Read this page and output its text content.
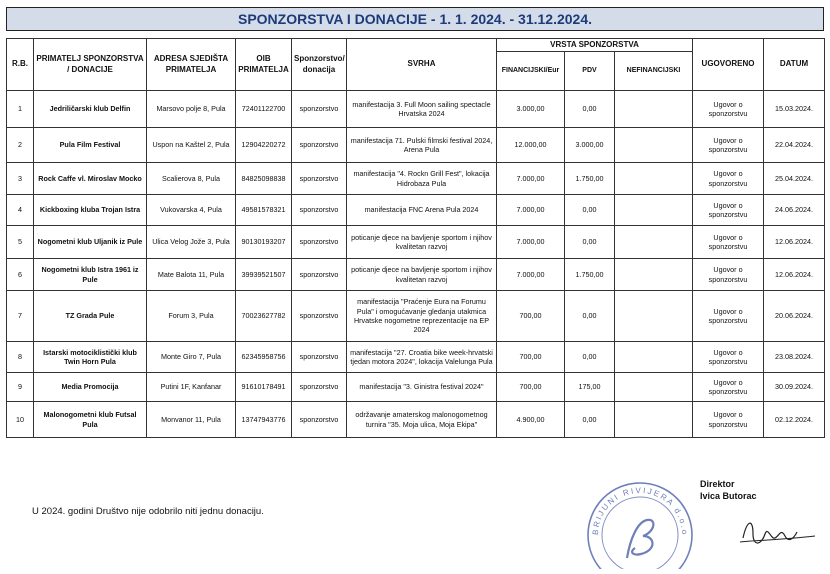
SPONZORSTVA I DONACIJE - 1. 1. 2024. - 31.12.2024.
R.B.	PRIMATELJ SPONZORSTVA / DONACIJE	ADRESA SJEDIŠTA PRIMATELJA	OIB PRIMATELJA	Sponzorstvo/ donacija	SVRHA	VRSTA SPONZORSTVA			UGOVORENO	DATUM
						FINANCIJSKI/Eur	PDV	NEFINANCIJSKI		
1	Jedriličarski klub Delfin	Marsovo polje 8, Pula	72401122700	sponzorstvo	manifestacija 3. Full Moon sailing spectacle Hrvatska 2024	3.000,00	0,00		Ugovor o sponzorstvu	15.03.2024.
2	Pula Film Festival	Uspon na Kaštel 2, Pula	12904220272	sponzorstvo	manifestacija 71. Pulski filmski festival 2024, Arena Pula	12.000,00	3.000,00		Ugovor o sponzorstvu	22.04.2024.
3	Rock Caffe vl. Miroslav Mocko	Scalierova 8, Pula	84825098838	sponzorstvo	manifestacija "4. Rockn Grill Fest", lokacija Hidrobaza Pula	7.000,00	1.750,00		Ugovor o sponzorstvu	25.04.2024.
4	Kickboxing kluba Trojan Istra	Vukovarska 4, Pula	49581578321	sponzorstvo	manifestacija FNC Arena Pula 2024	7.000,00	0,00		Ugovor o sponzorstvu	24.06.2024.
5	Nogometni klub Uljanik iz Pule	Ulica Velog Jože 3, Pula	90130193207	sponzorstvo	poticanje djece na bavljenje sportom i njihov kvalitetan razvoj	7.000,00	0,00		Ugovor o sponzorstvu	12.06.2024.
6	Nogometni klub Istra 1961 iz Pule	Mate Balota 11, Pula	39939521507	sponzorstvo	poticanje djece na bavljenje sportom i njihov kvalitetan razvoj	7.000,00	1.750,00		Ugovor o sponzorstvu	12.06.2024.
7	TZ Grada Pule	Forum 3, Pula	70023627782	sponzorstvo	manifestacija "Praćenje Eura na Forumu Pula" i omogućavanje gledanja utakmica Hrvatske nogometne reprezentacije na EP 2024	700,00	0,00		Ugovor o sponzorstvu	20.06.2024.
8	Istarski motociklistički klub Twin Horn Pula	Monte Giro 7, Pula	62345958756	sponzorstvo	manifestacija "27. Croatia bike week-hrvatski tjedan motora 2024", lokacija Valelunga Pula	700,00	0,00		Ugovor o sponzorstvu	23.08.2024.
9	Media Promocija	Putini 1F, Kanfanar	91610178491	sponzorstvo	manifestacija "3. Ginistra festival 2024"	700,00	175,00		Ugovor o sponzorstvu	30.09.2024.
10	Malonogometni klub Futsal Pula	Monvanor 11, Pula	13747943776	sponzorstvo	održavanje amaterskog malonogometnog turnira "35. Moja ulica, Moja Ekipa"	4.900,00	0,00		Ugovor o sponzorstvu	02.12.2024.
U 2024. godini Društvo nije odobrilo niti jednu donaciju.
BRIJUNI RIVIJERA d.o.o
Direktor
Ivica Butorac
